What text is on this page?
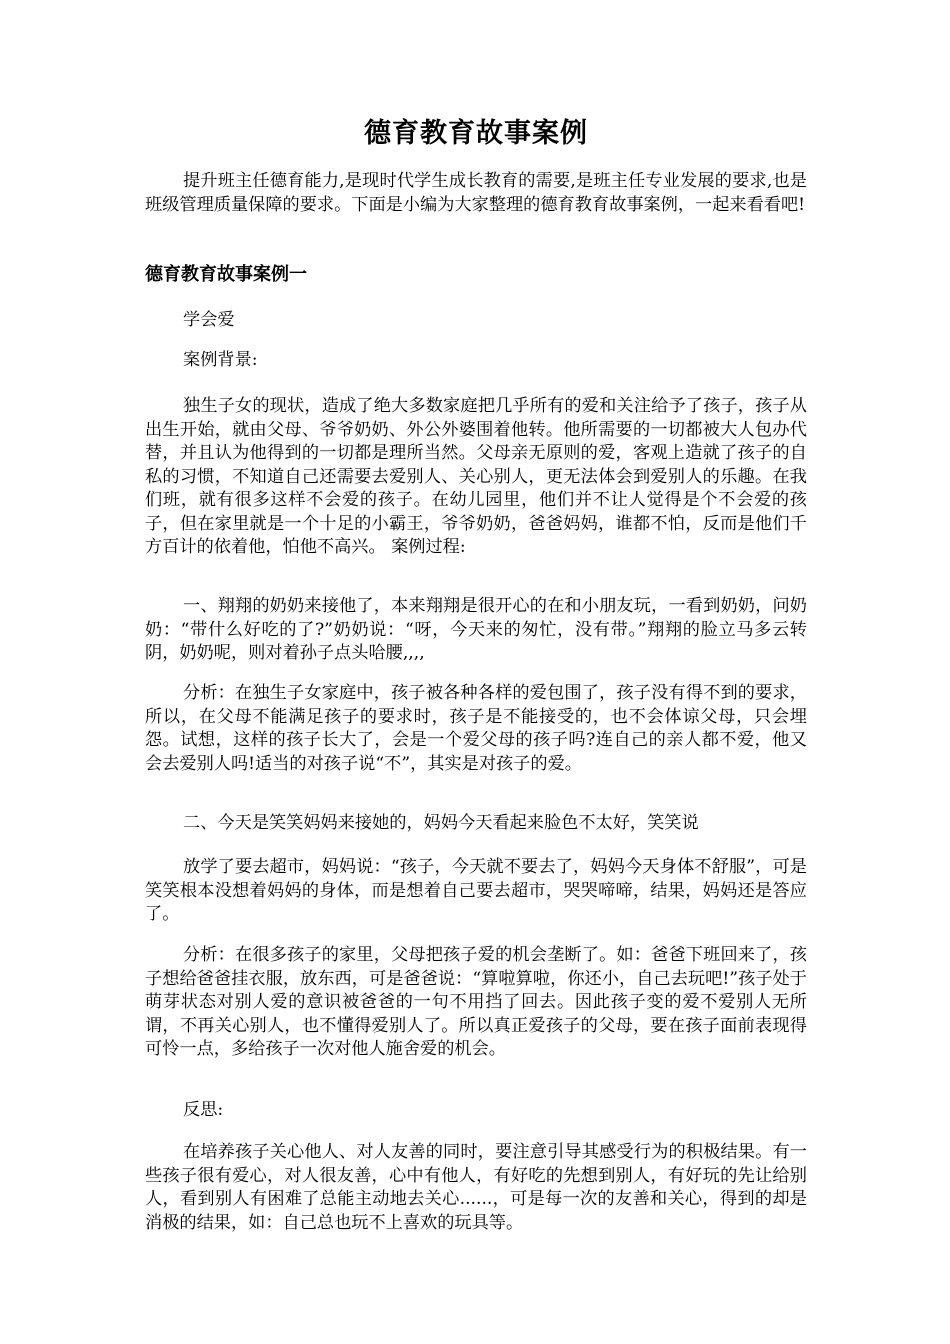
德育教育故事案例

提升班主任德育能力,是现时代学生成长教育的需要,是班主任专业发展的要求,也是班级管理质量保障的要求。下面是小编为大家整理的德育教育故事案例，一起来看看吧!

德育教育故事案例一

学会爱

案例背景:

独生子女的现状，造成了绝大多数家庭把几乎所有的爱和关注给予了孩子，孩子从出生开始，就由父母、爷爷奶奶、外公外婆围着他转。他所需要的一切都被大人包办代替，并且认为他得到的一切都是理所当然。父母亲无原则的爱，客观上造就了孩子的自私的习惯，不知道自己还需要去爱别人、关心别人，更无法体会到爱别人的乐趣。在我们班，就有很多这样不会爱的孩子。在幼儿园里，他们并不让人觉得是个不会爱的孩子，但在家里就是一个十足的小霸王，爷爷奶奶，爸爸妈妈，谁都不怕，反而是他们千方百计的依着他，怕他不高兴。 案例过程:

一、翔翔的奶奶来接他了，本来翔翔是很开心的在和小朋友玩，一看到奶奶，问奶奶：“带什么好吃的了?”奶奶说：“呀，今天来的匆忙，没有带。”翔翔的脸立马多云转阴，奶奶呢，则对着孙子点头哈腰,,,,

分析：在独生子女家庭中，孩子被各种各样的爱包围了，孩子没有得不到的要求，所以，在父母不能满足孩子的要求时，孩子是不能接受的，也不会体谅父母，只会埋怨。试想，这样的孩子长大了，会是一个爱父母的孩子吗?连自己的亲人都不爱，他又会去爱别人吗!适当的对孩子说“不”，其实是对孩子的爱。

二、今天是笑笑妈妈来接她的，妈妈今天看起来脸色不太好，笑笑说

放学了要去超市，妈妈说：“孩子，今天就不要去了，妈妈今天身体不舒服”，可是笑笑根本没想着妈妈的身体，而是想着自己要去超市，哭哭啼啼，结果，妈妈还是答应了。

分析：在很多孩子的家里，父母把孩子爱的机会垄断了。如：爸爸下班回来了，孩子想给爸爸挂衣服，放东西，可是爸爸说：“算啦算啦，你还小，自己去玩吧!”孩子处于萌芽状态对别人爱的意识被爸爸的一句不用挡了回去。因此孩子变的爱不爱别人无所谓，不再关心别人，也不懂得爱别人了。所以真正爱孩子的父母，要在孩子面前表现得可怜一点，多给孩子一次对他人施舍爱的机会。

反思:

在培养孩子关心他人、对人友善的同时，要注意引导其感受行为的积极结果。有一些孩子很有爱心，对人很友善，心中有他人，有好吃的先想到别人，有好玩的先让给别人，看到别人有困难了总能主动地去关心......，可是每一次的友善和关心，得到的却是消极的结果，如：自己总也玩不上喜欢的玩具等。
